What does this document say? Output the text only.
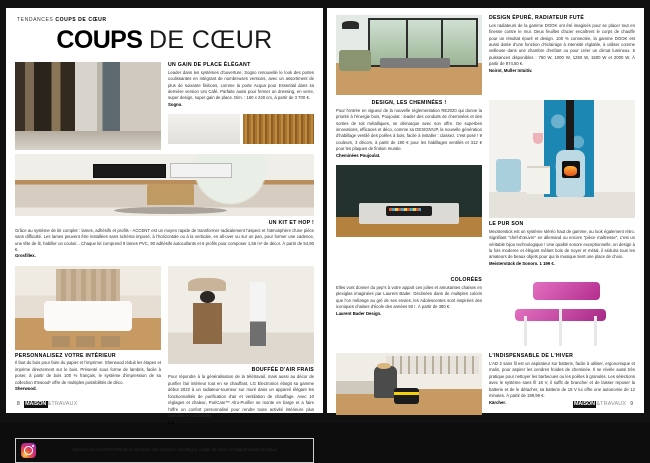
TENDANCES COUPS DE CŒUR
COUPS DE CŒUR
UN GAIN DE PLACE ÉLÉGANT

Leader dans les systèmes d'ouverture, Sogno renouvelle le look des portes coulissantes en intégrant de nombreuses versions, avec un assortiment de plus de soixante finitions, comme la porte Acqua pour Essential dans sa dernière version Uni Café. Parfaite aussi pour fermer un dressing, en verre, super design, super gain de place. Dim. : 160 x 240 cm, à partir de 3 700 €.

Sogno.

UN KIT ET HOP !

Grâce au système de kit complet : lames, adhésifs et profils - ACCENT est un moyen rapide de transformer radicalement l'aspect et l'atmosphère d'une pièce sans difficulté. Les lames peuvent être installées sans schéma imposé, à l'horizontale ou à la verticale, en all-over ou sur un pan, pour former une cadence, une tête de lit, habiller un couloir... Chaque kit comprend 9 lames PVC, 90 adhésifs autocollants et 6 profils pour composer 1,56 m² de décor. À partir de 54,90 €.

Grosfillex.

PERSONNALISEZ VOTRE INTÉRIEUR

Il faut du bois pour faire du papier et l'imprimer. Sherwood réduit les étapes et imprime directement sur le bois. Présenté sous forme de lambris, facile à poser, à partir de bois 100 % français, le système d'impression de sa collection It'swood² offre de multiples possibilités de déco.

Sherwood.

BOUFFÉE D'AIR FRAIS

Pour répondre à la généralisation de la télétravail, mais aussi au décor de purifier l'air intérieur tout en se chauffant, LG Electronics élargit sa gamme début 2022 à un radiateur-tourneur sur muré dans un appareil élégant les fonctionnalités de purification d'air et ventilation de chauffage. Avec 10 réglages et chaleur, PuriCare™ Alro-Purifier se monte en barge et a faire l'offre un confort personnalisé pour rendre toute activité intérieure plus agréable et confortable.

LG.

Suivez-nous sur INSTAGRAM et retrouvez nos dossiers, reportages, coups de cœur : instagram/maisontravaux
8 MAISON &TRAVAUX
DESIGN ÉPURÉ, RADIATEUR FUTÉ

Les radiateurs de la gamme DOOK ont été imaginés pour se placer tout en finesse contre le mur. Deux feuilles d'acier encaîtrent le corps de chauffe pour un résultat épuré et design. 100 % connectée, la gamme DOOK est aussi dotée d'une fonction d'éclairage à intensité réglable, à utiliser comme veilleuse dans une chambre d'enfant ou pour créer un climat lumineux. 5 puissances disponibles : 750 W, 1000 W, 1250 W, 1500 W et 2000 W. À partir de 974,50 €.

Noirot, Muller Intuitiv.

DESIGN, LES CHEMINÉES !

Pour l'entrée en vigueur de la nouvelle réglementation RE2020 qui donne la priorité à l'énergie bois, Poujoulat : leader des conduits de cheminées et des sorties de toit métalliques, se démarque avec son offre. De superbes innovations, efficaces et déco, comme sa DESIGN'UP, la nouvelle génération d'habillage ventilé des poêles à bois, facile à installer : classez, c'est posé ! 9 couleurs, 3 décors, à partir de 190 € pour les habillages ventilés et 312 € pour les plaques de finition murale.

Cheminées Poujoulat.

LE PUR SON

Mecsterstick est un système stéréo haut de gamme, au look également rétro. Signifiant "chef-d'œuvre" en allemand ou encore "pièce maîtresse", c'est un véritable bijou technologique ! Une qualité sonore exceptionnelle, un design à la fois moderne et élégant mêlant bois de noyer et métal, il séduira tous les amateurs de beaux objets pour qui la musique tient une place de choix.

Meisterstück de Sonoro. 1 199 €.

COLORÉES

Elles vont donner du pep's à votre appart ces jolies et amusantes chaises en plexiglas imaginées par Laurent Bader. Déclinées dans de multiples coloris que l'on mélange au gré de ses envies, les Adolescentes sont inspirées des iconiques chaises d'école des années 50 !. À partir de 380 €.

Laurent Bader Design.

L'INDISPENSABLE DE L'HIVER

L'AD 2 sans fil est un aspirateur sur batterie, facile à utiliser, ergonomique et malin, pour aspirer les cendres froides de cheminée. Il se révèle aussi très pratique pour nettoyer les barbecues ou les poêles à granulés. Les sélections avec le système sans fil 18 V, il suffit de brancher et de laisser reposer la batterie et de le détacher, sa batterie de 18 V lui offre une autonomie de 12 minutes. À partir de 199,99 €.

Kärcher.	MAISON &TRAVAUX 9
